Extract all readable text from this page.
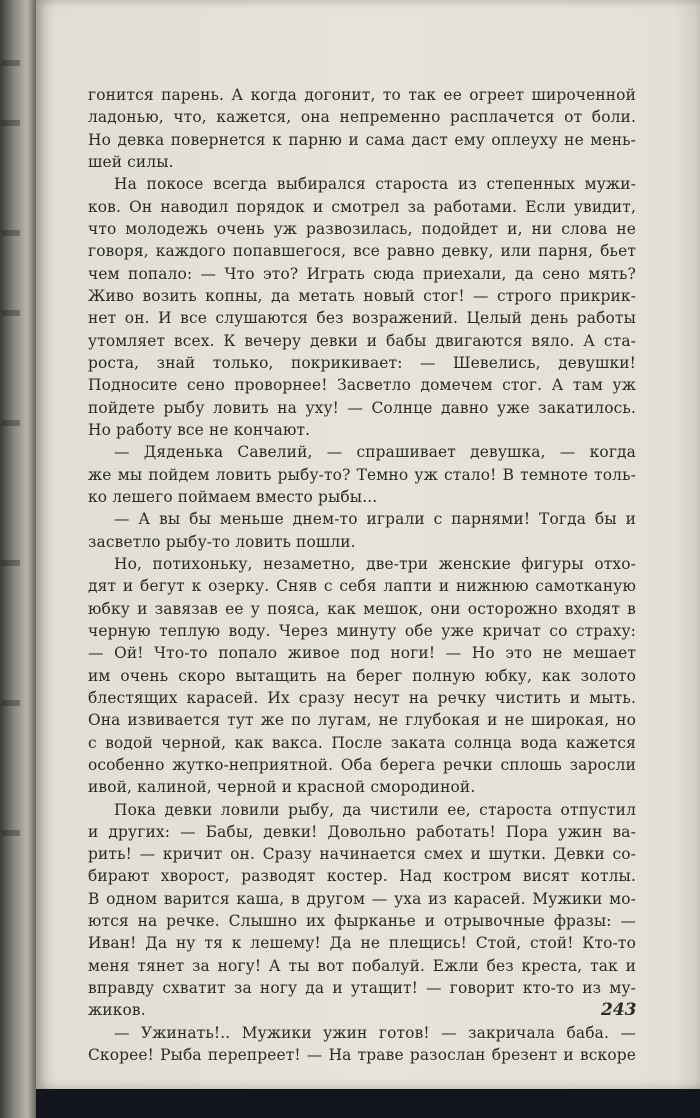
гонится парень. А когда догонит, то так ее огреет широченной
ладонью, что, кажется, она непременно расплачется от боли.
Но девка повернется к парню и сама даст ему оплеуху не мень-
шей силы.
На покосе всегда выбирался староста из степенных мужи-
ков. Он наводил порядок и смотрел за работами. Если увидит,
что молодежь очень уж развозилась, подойдет и, ни слова не
говоря, каждого попавшегося, все равно девку, или парня, бьет
чем попало: — Что это? Играть сюда приехали, да сено мять?
Живо возить копны, да метать новый стог! — строго прикрик-
нет он. И все слушаются без возражений. Целый день работы
утомляет всех. К вечеру девки и бабы двигаются вяло. А ста-
роста, знай только, покрикивает: — Шевелись, девушки!
Подносите сено проворнее! Засветло домечем стог. А там уж
пойдете рыбу ловить на уху! — Солнце давно уже закатилось.
Но работу все не кончают.
— Дяденька Савелий, — спрашивает девушка, — когда
же мы пойдем ловить рыбу-то? Темно уж стало! В темноте толь-
ко лешего поймаем вместо рыбы...
— А вы бы меньше днем-то играли с парнями! Тогда бы и
засветло рыбу-то ловить пошли.
Но, потихоньку, незаметно, две-три женские фигуры отхо-
дят и бегут к озерку. Сняв с себя лапти и нижнюю самотканую
юбку и завязав ее у пояса, как мешок, они осторожно входят в
черную теплую воду. Через минуту обе уже кричат со страху:
— Ой! Что-то попало живое под ноги! — Но это не мешает
им очень скоро вытащить на берег полную юбку, как золото
блестящих карасей. Их сразу несут на речку чистить и мыть.
Она извивается тут же по лугам, не глубокая и не широкая, но
с водой черной, как вакса. После заката солнца вода кажется
особенно жутко-неприятной. Оба берега речки сплошь заросли
ивой, калиной, черной и красной смородиной.
Пока девки ловили рыбу, да чистили ее, староста отпустил
и других: — Бабы, девки! Довольно работать! Пора ужин ва-
рить! — кричит он. Сразу начинается смех и шутки. Девки со-
бирают хворост, разводят костер. Над костром висят котлы.
В одном варится каша, в другом — уха из карасей. Мужики мо-
ются на речке. Слышно их фырканье и отрывочные фразы: —
Иван! Да ну тя к лешему! Да не плещись! Стой, стой! Кто-то
меня тянет за ногу! А ты вот побалуй. Ежли без креста, так и
вправду схватит за ногу да и утащит! — говорит кто-то из му-
жиков.
— Ужинать!.. Мужики ужин готов! — закричала баба. —
Скорее! Рыба перепреет! — На траве разослан брезент и вскоре
243
